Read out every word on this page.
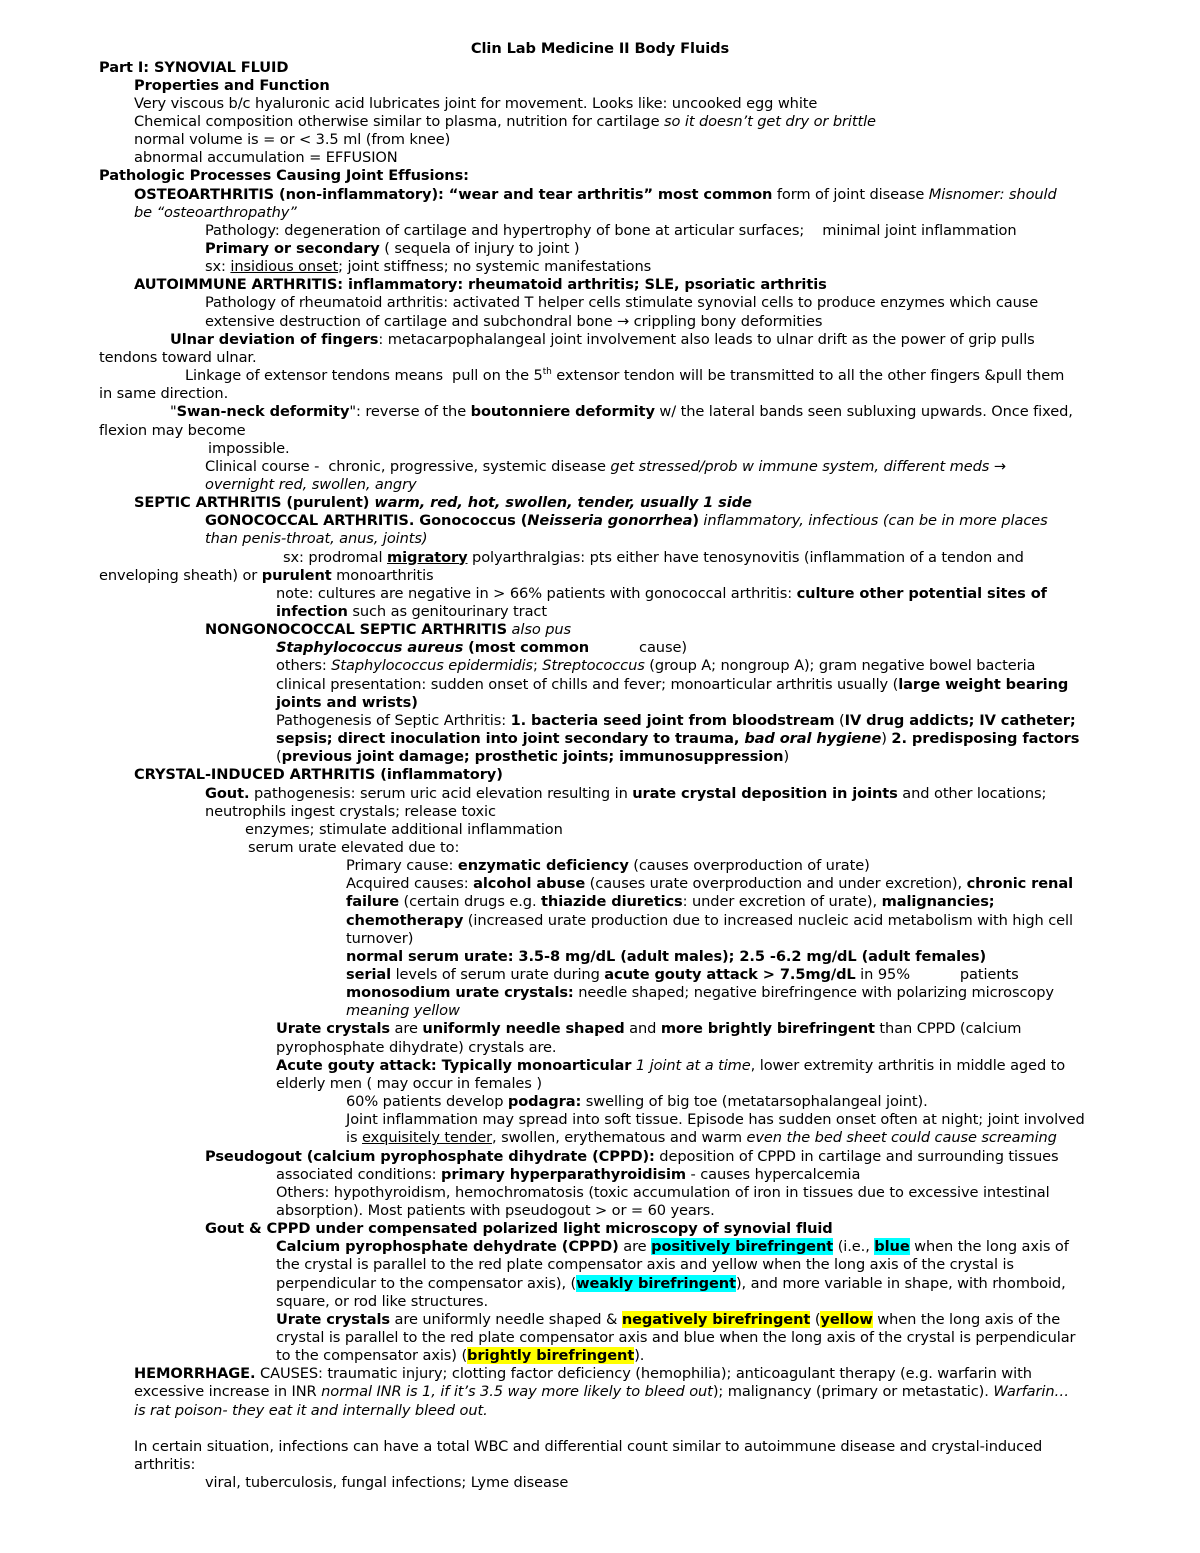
Clin Lab Medicine II Body Fluids
Part I: SYNOVIAL FLUID
Properties and Function
Very viscous b/c hyaluronic acid lubricates joint for movement. Looks like: uncooked egg white
Chemical composition otherwise similar to plasma, nutrition for cartilage so it doesn’t get dry or brittle
normal volume is = or < 3.5 ml (from knee)
abnormal accumulation = EFFUSION
Pathologic Processes Causing Joint Effusions:
OSTEOARTHRITIS (non-inflammatory): “wear and tear arthritis” most common form of joint disease Misnomer: should
be “osteoarthropathy”
Pathology: degeneration of cartilage and hypertrophy of bone at articular surfaces;    minimal joint inflammation
Primary or secondary ( sequela of injury to joint )
sx: insidious onset; joint stiffness; no systemic manifestations
AUTOIMMUNE ARTHRITIS: inflammatory: rheumatoid arthritis; SLE, psoriatic arthritis
Pathology of rheumatoid arthritis: activated T helper cells stimulate synovial cells to produce enzymes which cause
extensive destruction of cartilage and subchondral bone → crippling bony deformities
Ulnar deviation of fingers: metacarpophalangeal joint involvement also leads to ulnar drift as the power of grip pulls
tendons toward ulnar.
Linkage of extensor tendons means  pull on the 5th extensor tendon will be transmitted to all the other fingers &pull them
in same direction.
"Swan-neck deformity": reverse of the boutonniere deformity w/ the lateral bands seen subluxing upwards. Once fixed,
flexion may become
impossible.
Clinical course -  chronic, progressive, systemic disease get stressed/prob w immune system, different meds →
overnight red, swollen, angry
SEPTIC ARTHRITIS (purulent) warm, red, hot, swollen, tender, usually 1 side
GONOCOCCAL ARTHRITIS. Gonococcus (Neisseria gonorrhea) inflammatory, infectious (can be in more places
than penis-throat, anus, joints)
sx: prodromal migratory polyarthralgias: pts either have tenosynovitis (inflammation of a tendon and
enveloping sheath) or purulent monoarthritis
note: cultures are negative in > 66% patients with gonococcal arthritis: culture other potential sites of
infection such as genitourinary tract
NONGONOCOCCAL SEPTIC ARTHRITIS also pus
Staphylococcus aureus (most common           cause)
others: Staphylococcus epidermidis; Streptococcus (group A; nongroup A); gram negative bowel bacteria
clinical presentation: sudden onset of chills and fever; monoarticular arthritis usually (large weight bearing
joints and wrists)
Pathogenesis of Septic Arthritis: 1. bacteria seed joint from bloodstream (IV drug addicts; IV catheter;
sepsis; direct inoculation into joint secondary to trauma, bad oral hygiene) 2. predisposing factors
(previous joint damage; prosthetic joints; immunosuppression)
CRYSTAL-INDUCED ARTHRITIS (inflammatory)
Gout. pathogenesis: serum uric acid elevation resulting in urate crystal deposition in joints and other locations;
neutrophils ingest crystals; release toxic
enzymes; stimulate additional inflammation
serum urate elevated due to:
Primary cause: enzymatic deficiency (causes overproduction of urate)
Acquired causes: alcohol abuse (causes urate overproduction and under excretion), chronic renal
failure (certain drugs e.g. thiazide diuretics: under excretion of urate), malignancies;
chemotherapy (increased urate production due to increased nucleic acid metabolism with high cell
turnover)
normal serum urate: 3.5-8 mg/dL (adult males); 2.5 -6.2 mg/dL (adult females)
serial levels of serum urate during acute gouty attack > 7.5mg/dL in 95%           patients
monosodium urate crystals: needle shaped; negative birefringence with polarizing microscopy
meaning yellow
Urate crystals are uniformly needle shaped and more brightly birefringent than CPPD (calcium
pyrophosphate dihydrate) crystals are.
Acute gouty attack: Typically monoarticular 1 joint at a time, lower extremity arthritis in middle aged to
elderly men ( may occur in females )
60% patients develop podagra: swelling of big toe (metatarsophalangeal joint).
Joint inflammation may spread into soft tissue. Episode has sudden onset often at night; joint involved
is exquisitely tender, swollen, erythematous and warm even the bed sheet could cause screaming
Pseudogout (calcium pyrophosphate dihydrate (CPPD): deposition of CPPD in cartilage and surrounding tissues
associated conditions: primary hyperparathyroidisim - causes hypercalcemia
Others: hypothyroidism, hemochromatosis (toxic accumulation of iron in tissues due to excessive intestinal
absorption). Most patients with pseudogout > or = 60 years.
Gout & CPPD under compensated polarized light microscopy of synovial fluid
Calcium pyrophosphate dehydrate (CPPD) are positively birefringent (i.e., blue when the long axis of
the crystal is parallel to the red plate compensator axis and yellow when the long axis of the crystal is
perpendicular to the compensator axis), (weakly birefringent), and more variable in shape, with rhomboid,
square, or rod like structures.
Urate crystals are uniformly needle shaped & negatively birefringent (yellow when the long axis of the
crystal is parallel to the red plate compensator axis and blue when the long axis of the crystal is perpendicular
to the compensator axis) (brightly birefringent).
HEMORRHAGE. CAUSES: traumatic injury; clotting factor deficiency (hemophilia); anticoagulant therapy (e.g. warfarin with
excessive increase in INR normal INR is 1, if it’s 3.5 way more likely to bleed out); malignancy (primary or metastatic). Warfarin…
is rat poison- they eat it and internally bleed out.
In certain situation, infections can have a total WBC and differential count similar to autoimmune disease and crystal-induced
arthritis:
viral, tuberculosis, fungal infections; Lyme disease
